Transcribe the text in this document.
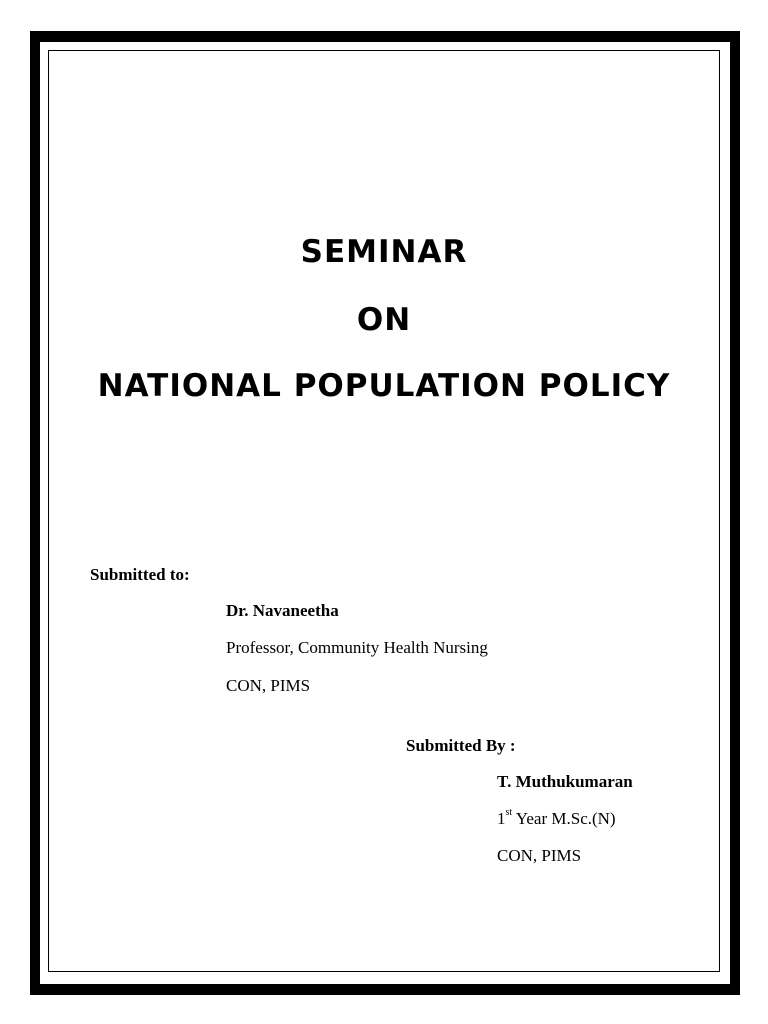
SEMINAR
ON
NATIONAL POPULATION POLICY
Submitted to:
Dr. Navaneetha
Professor, Community Health Nursing
CON, PIMS
Submitted By :
T. Muthukumaran
1st Year M.Sc.(N)
CON, PIMS
